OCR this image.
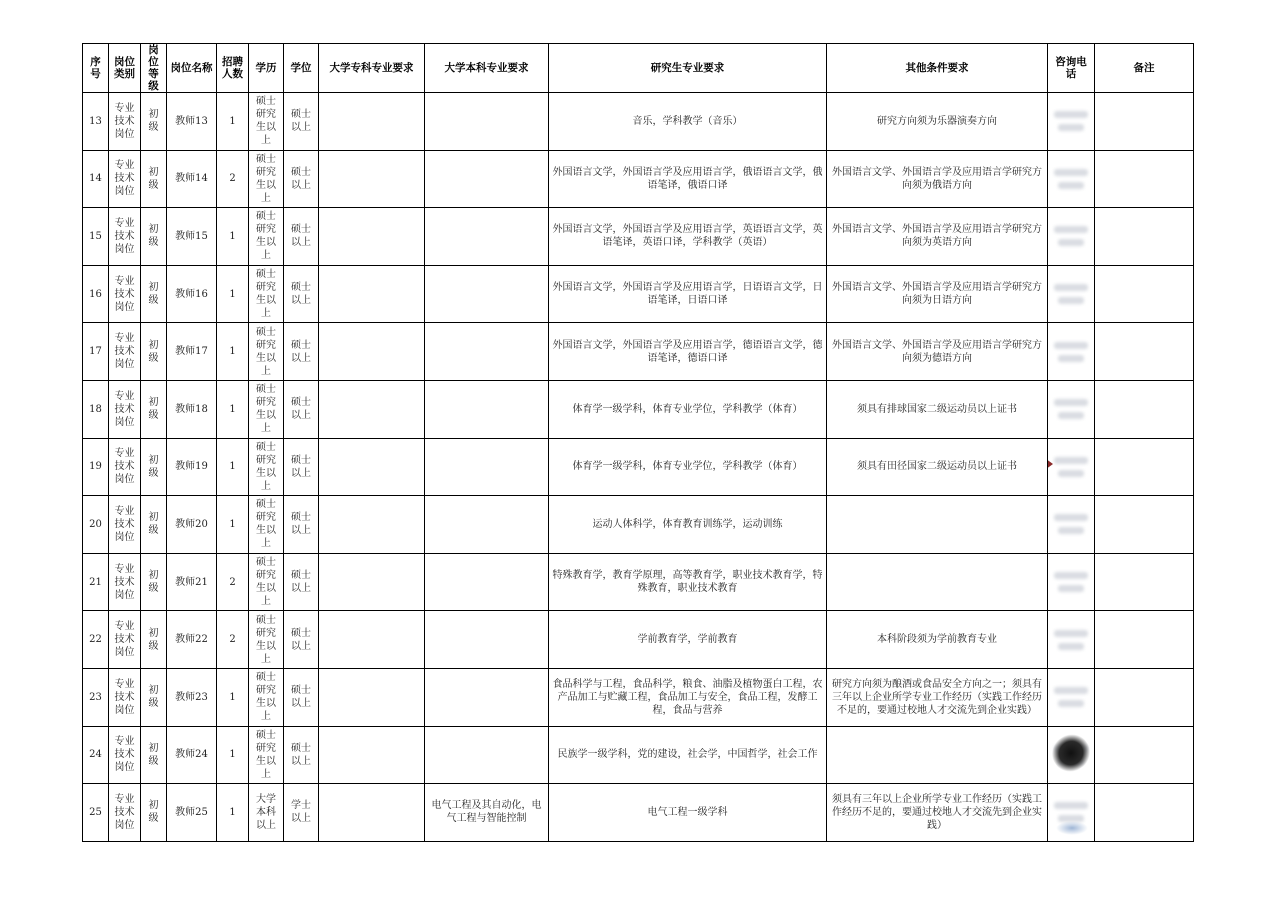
序号	岗位类别	岗位等级	岗位名称	招聘人数	学历	学位	大学专科专业要求	大学本科专业要求	研究生专业要求	其他条件要求	咨询电话	备注
13	专业技术岗位	初级	教师13	1	硕士研究生以上	硕士以上			音乐，学科教学（音乐）	研究方向须为乐器演奏方向	

14	专业技术岗位	初级	教师14	2	硕士研究生以上	硕士以上			外国语言文学，外国语言学及应用语言学，俄语语言文学，俄语笔译，俄语口译	外国语言文学、外国语言学及应用语言学研究方向须为俄语方向	

15	专业技术岗位	初级	教师15	1	硕士研究生以上	硕士以上			外国语言文学，外国语言学及应用语言学，英语语言文学，英语笔译，英语口译，学科教学（英语）	外国语言文学、外国语言学及应用语言学研究方向须为英语方向	

16	专业技术岗位	初级	教师16	1	硕士研究生以上	硕士以上			外国语言文学，外国语言学及应用语言学，日语语言文学，日语笔译，日语口译	外国语言文学、外国语言学及应用语言学研究方向须为日语方向	

17	专业技术岗位	初级	教师17	1	硕士研究生以上	硕士以上			外国语言文学，外国语言学及应用语言学，德语语言文学，德语笔译，德语口译	外国语言文学、外国语言学及应用语言学研究方向须为德语方向	

18	专业技术岗位	初级	教师18	1	硕士研究生以上	硕士以上			体育学一级学科，体育专业学位，学科教学（体育）	须具有排球国家二级运动员以上证书	

19	专业技术岗位	初级	教师19	1	硕士研究生以上	硕士以上			体育学一级学科，体育专业学位，学科教学（体育）	须具有田径国家二级运动员以上证书	

20	专业技术岗位	初级	教师20	1	硕士研究生以上	硕士以上			运动人体科学，体育教育训练学，运动训练		

21	专业技术岗位	初级	教师21	2	硕士研究生以上	硕士以上			特殊教育学，教育学原理，高等教育学，职业技术教育学，特殊教育，职业技术教育		

22	专业技术岗位	初级	教师22	2	硕士研究生以上	硕士以上			学前教育学，学前教育	本科阶段须为学前教育专业	

23	专业技术岗位	初级	教师23	1	硕士研究生以上	硕士以上			食品科学与工程，食品科学，粮食、油脂及植物蛋白工程，农产品加工与贮藏工程，食品加工与安全，食品工程，发酵工程，食品与营养	研究方向须为酿酒或食品安全方向之一；须具有三年以上企业所学专业工作经历（实践工作经历不足的，要通过校地人才交流先到企业实践）	

24	专业技术岗位	初级	教师24	1	硕士研究生以上	硕士以上			民族学一级学科，党的建设，社会学，中国哲学，社会工作		

25	专业技术岗位	初级	教师25	1	大学本科以上	学士以上		电气工程及其自动化，电气工程与智能控制	电气工程一级学科	须具有三年以上企业所学专业工作经历（实践工作经历不足的，要通过校地人才交流先到企业实践）	
